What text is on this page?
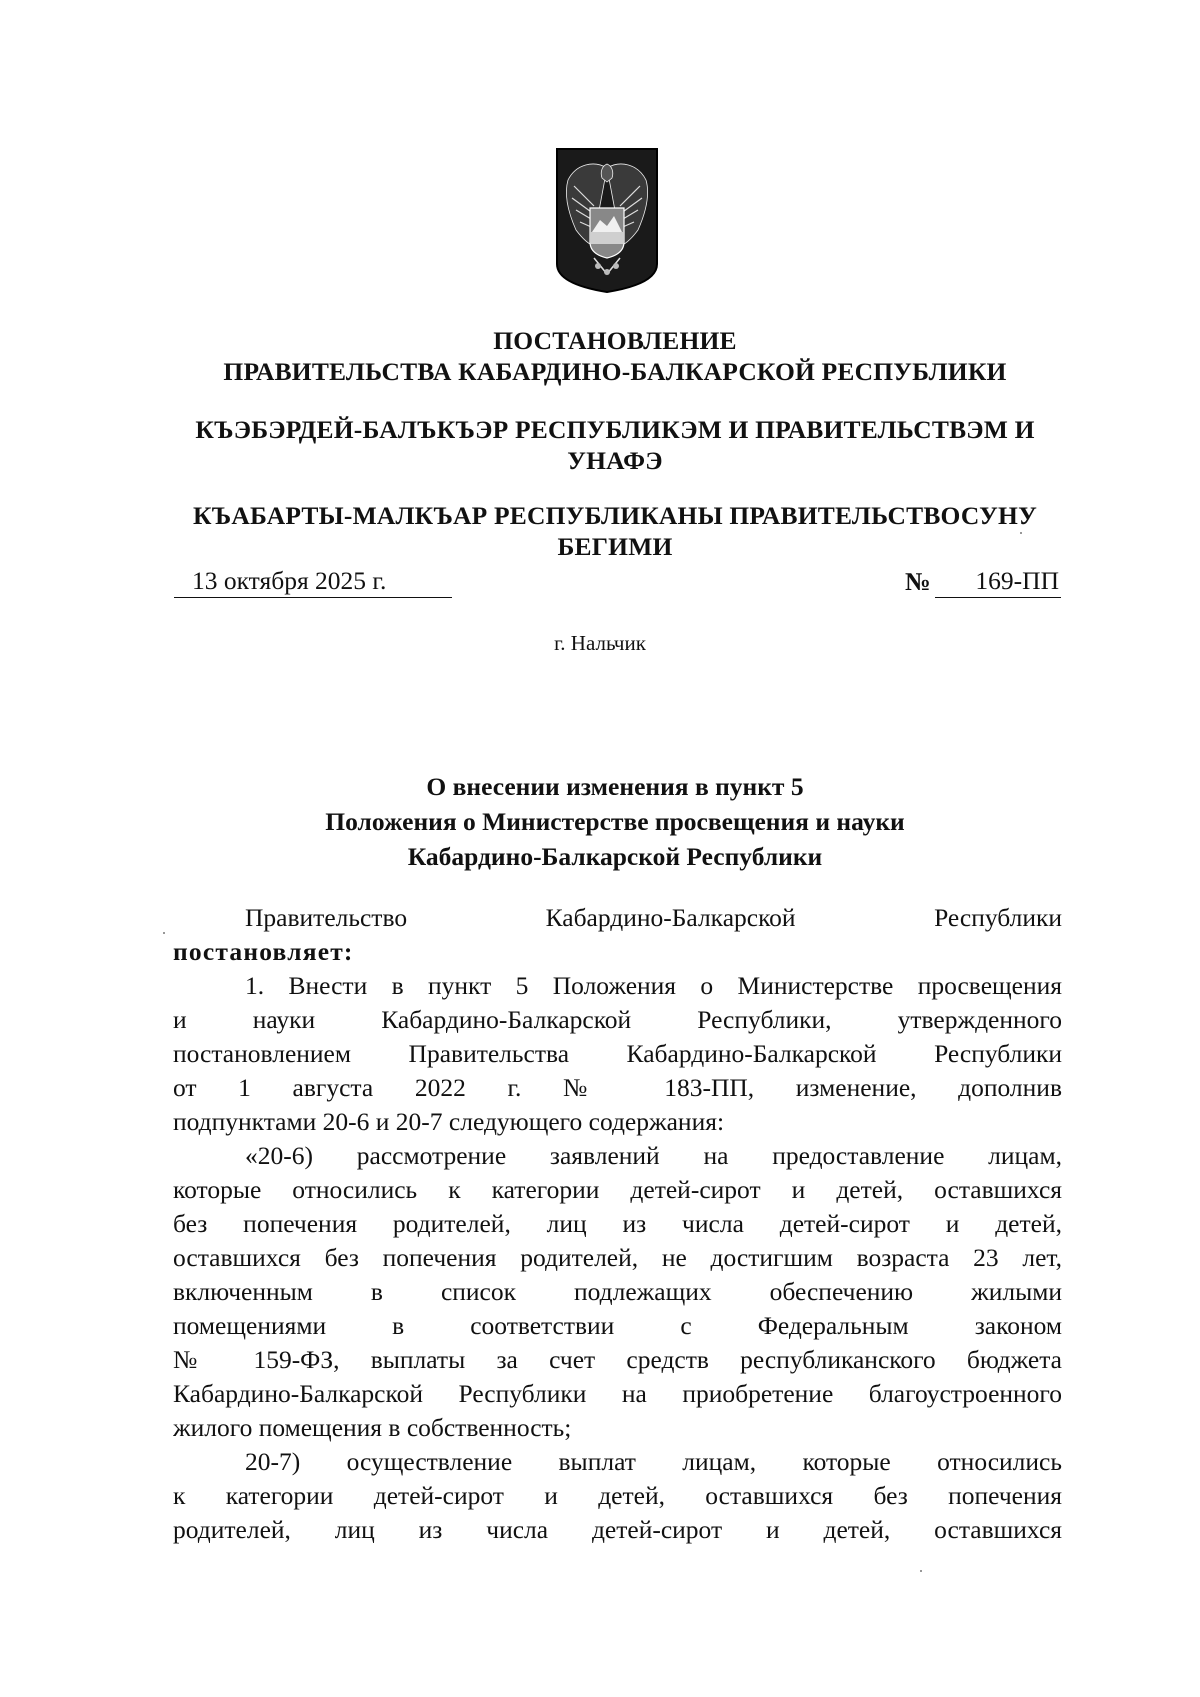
ПОСТАНОВЛЕНИЕ
ПРАВИТЕЛЬСТВА КАБАРДИНО-БАЛКАРСКОЙ РЕСПУБЛИКИ
КЪЭБЭРДЕЙ-БАЛЪКЪЭР РЕСПУБЛИКЭМ И ПРАВИТЕЛЬСТВЭМ И
УНАФЭ
КЪАБАРТЫ-МАЛКЪАР РЕСПУБЛИКАНЫ ПРАВИТЕЛЬСТВОСУНУ
БЕГИМИ
13 октября 2025 г.	№	169-ПП
г. Нальчик
О внесении изменения в пункт 5
Положения о Министерстве просвещения и науки
Кабардино-Балкарской Республики
Правительство Кабардино-Балкарской Республики
постановляет:
1. Внести в пункт 5 Положения о Министерстве просвещения
и науки Кабардино-Балкарской Республики, утвержденного
постановлением Правительства Кабардино-Балкарской Республики
от 1 августа 2022 г. № 183-ПП, изменение, дополнив
подпунктами 20-6 и 20-7 следующего содержания:
«20-6) рассмотрение заявлений на предоставление лицам,
которые относились к категории детей-сирот и детей, оставшихся
без попечения родителей, лиц из числа детей-сирот и детей,
оставшихся без попечения родителей, не достигшим возраста 23 лет,
включенным в список подлежащих обеспечению жилыми
помещениями в соответствии с Федеральным законом
№ 159-ФЗ, выплаты за счет средств республиканского бюджета
Кабардино-Балкарской Республики на приобретение благоустроенного
жилого помещения в собственность;
20-7) осуществление выплат лицам, которые относились
к категории детей-сирот и детей, оставшихся без попечения
родителей, лиц из числа детей-сирот и детей, оставшихся
